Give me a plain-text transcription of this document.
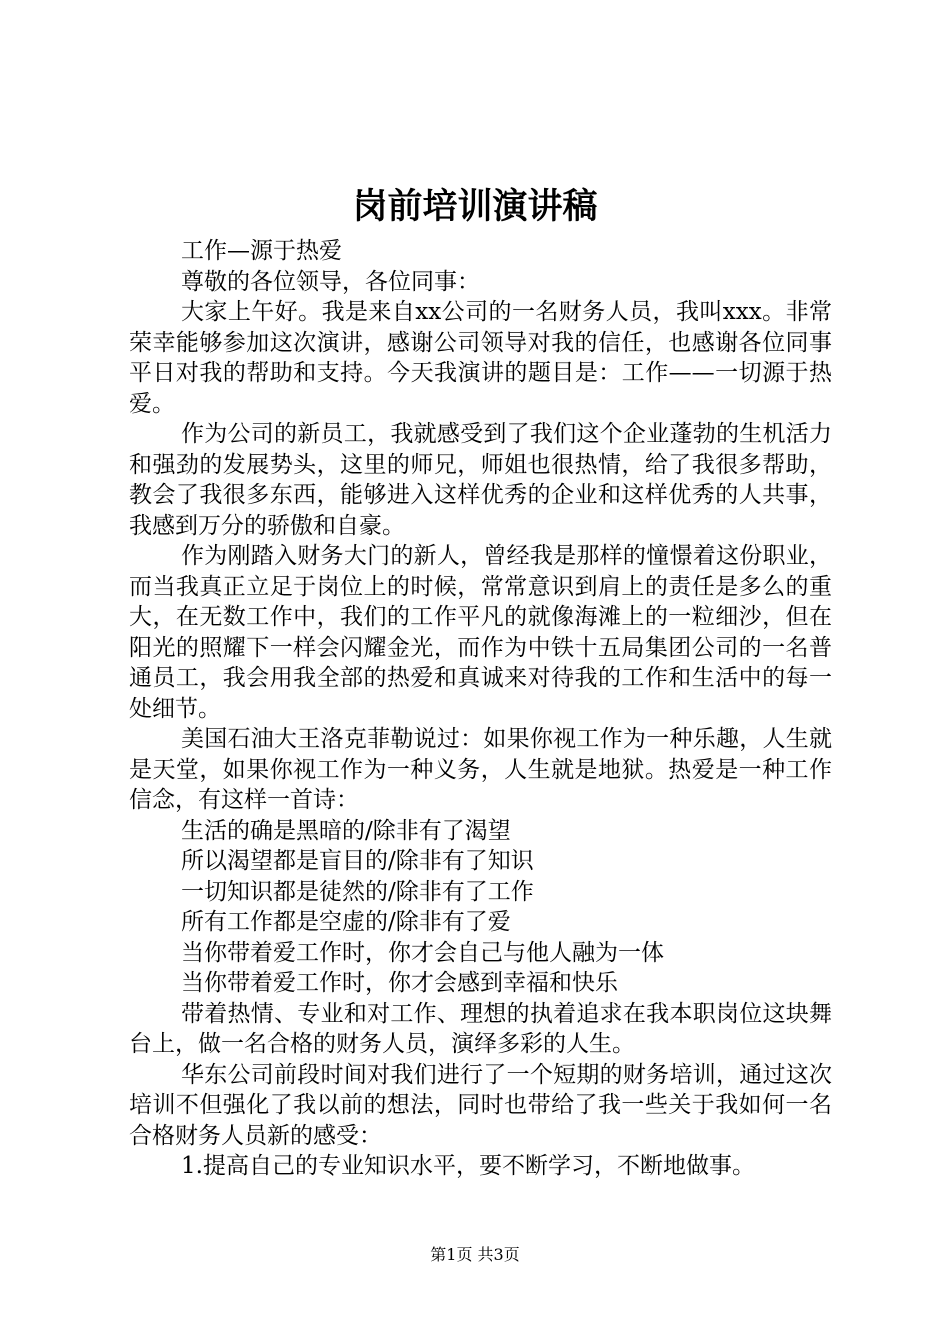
岗前培训演讲稿

工作—源于热爱

尊敬的各位领导，各位同事：

大家上午好。我是来自xx公司的一名财务人员，我叫xxx。非常荣幸能够参加这次演讲，感谢公司领导对我的信任，也感谢各位同事平日对我的帮助和支持。今天我演讲的题目是：工作——一切源于热爱。

作为公司的新员工，我就感受到了我们这个企业蓬勃的生机活力和强劲的发展势头，这里的师兄，师姐也很热情，给了我很多帮助，教会了我很多东西，能够进入这样优秀的企业和这样优秀的人共事，我感到万分的骄傲和自豪。

作为刚踏入财务大门的新人，曾经我是那样的憧憬着这份职业，而当我真正立足于岗位上的时候，常常意识到肩上的责任是多么的重大，在无数工作中，我们的工作平凡的就像海滩上的一粒细沙，但在阳光的照耀下一样会闪耀金光，而作为中铁十五局集团公司的一名普通员工，我会用我全部的热爱和真诚来对待我的工作和生活中的每一处细节。

美国石油大王洛克菲勒说过：如果你视工作为一种乐趣，人生就是天堂，如果你视工作为一种义务，人生就是地狱。热爱是一种工作信念，有这样一首诗：

生活的确是黑暗的/除非有了渴望

所以渴望都是盲目的/除非有了知识

一切知识都是徒然的/除非有了工作

所有工作都是空虚的/除非有了爱

当你带着爱工作时，你才会自己与他人融为一体

当你带着爱工作时，你才会感到幸福和快乐

带着热情、专业和对工作、理想的执着追求在我本职岗位这块舞台上，做一名合格的财务人员，演绎多彩的人生。

华东公司前段时间对我们进行了一个短期的财务培训，通过这次培训不但强化了我以前的想法，同时也带给了我一些关于我如何一名合格财务人员新的感受：

1.提高自己的专业知识水平，要不断学习，不断地做事。

第1页 共3页
